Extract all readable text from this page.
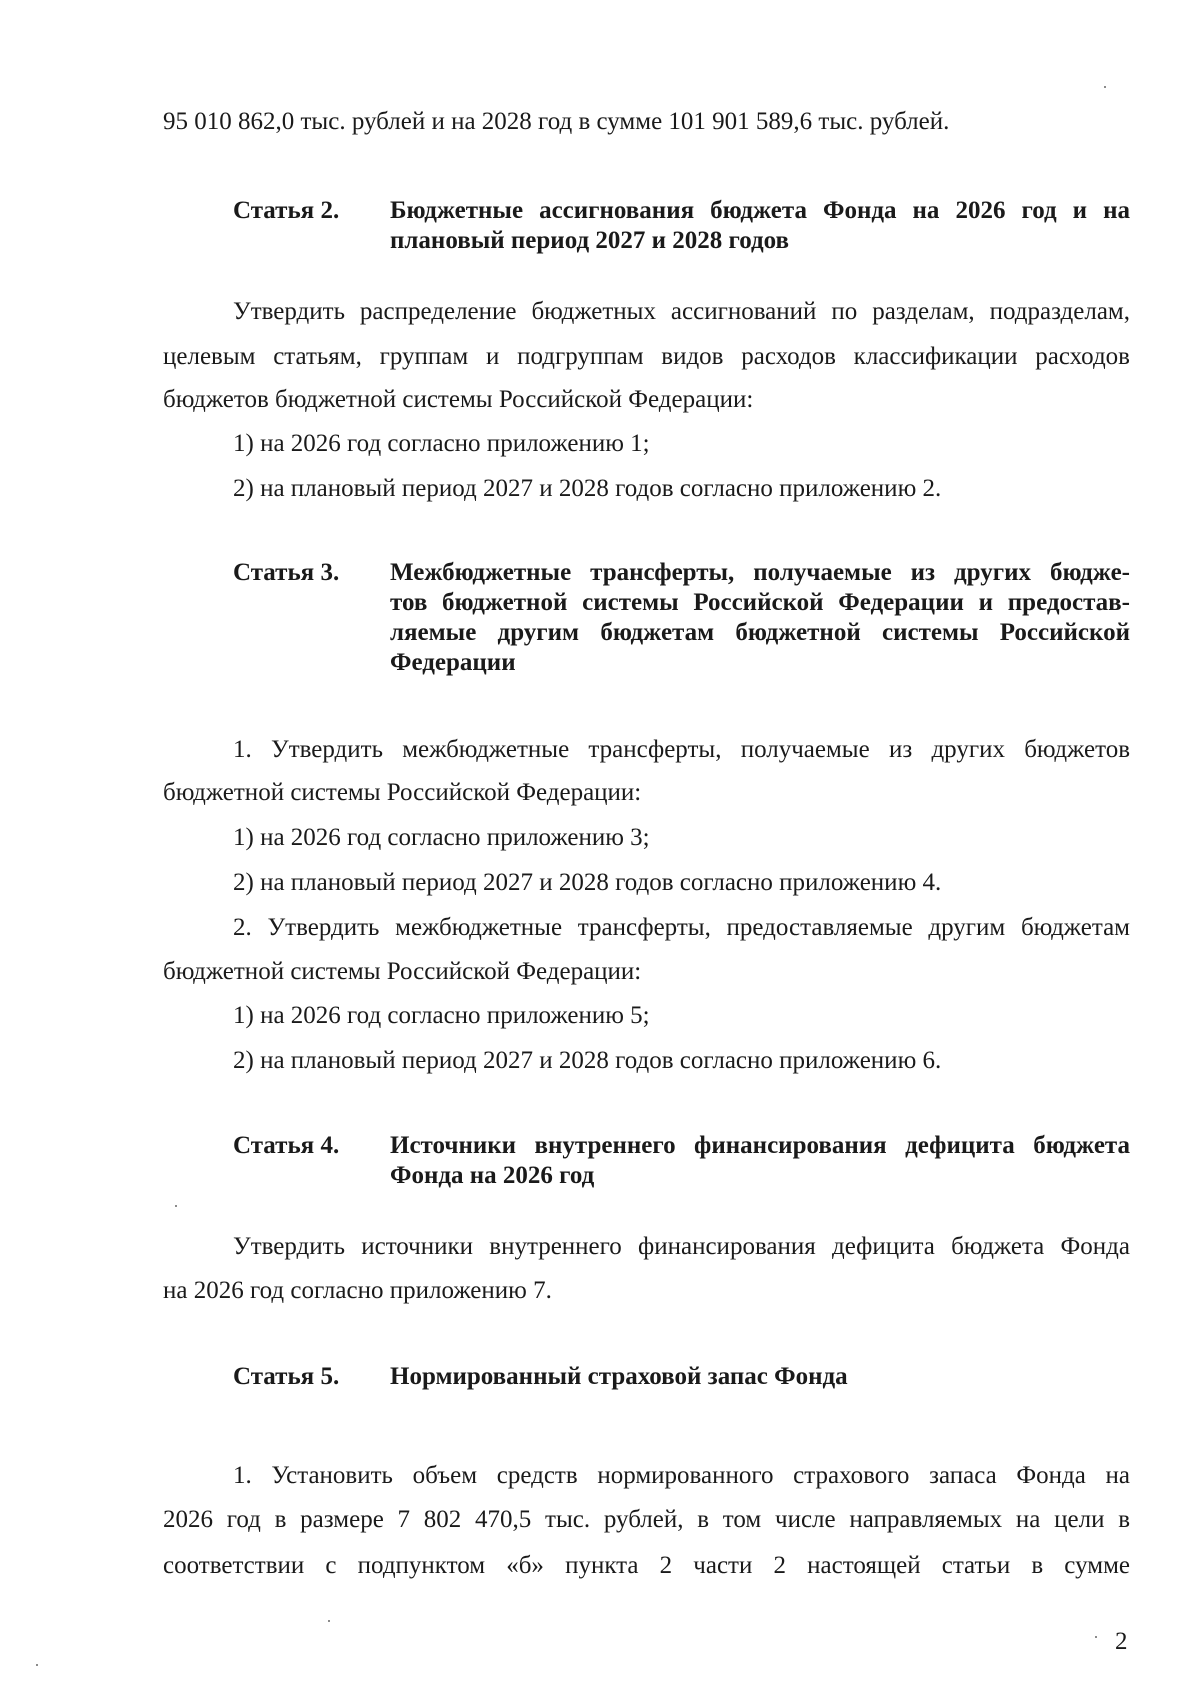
95 010 862,0 тыс. рублей и на 2028 год в сумме 101 901 589,6 тыс. рублей.
Статья 2. Бюджетные ассигнования бюджета Фонда на 2026 год и на
плановый период 2027 и 2028 годов
Утвердить распределение бюджетных ассигнований по разделам, подразделам,
целевым статьям, группам и подгруппам видов расходов классификации расходов
бюджетов бюджетной системы Российской Федерации:
1) на 2026 год согласно приложению 1;
2) на плановый период 2027 и 2028 годов согласно приложению 2.
Статья 3. Межбюджетные трансферты, получаемые из других бюдже-
тов бюджетной системы Российской Федерации и предостав-
ляемые другим бюджетам бюджетной системы Российской
Федерации
1. Утвердить межбюджетные трансферты, получаемые из других бюджетов
бюджетной системы Российской Федерации:
1) на 2026 год согласно приложению 3;
2) на плановый период 2027 и 2028 годов согласно приложению 4.
2. Утвердить межбюджетные трансферты, предоставляемые другим бюджетам
бюджетной системы Российской Федерации:
1) на 2026 год согласно приложению 5;
2) на плановый период 2027 и 2028 годов согласно приложению 6.
Статья 4. Источники внутреннего финансирования дефицита бюджета
Фонда на 2026 год
Утвердить источники внутреннего финансирования дефицита бюджета Фонда
на 2026 год согласно приложению 7.
Статья 5. Нормированный страховой запас Фонда
1. Установить объем средств нормированного страхового запаса Фонда на
2026 год в размере 7 802 470,5 тыс. рублей, в том числе направляемых на цели в
соответствии с подпунктом «б» пункта 2 части 2 настоящей статьи в сумме
2
